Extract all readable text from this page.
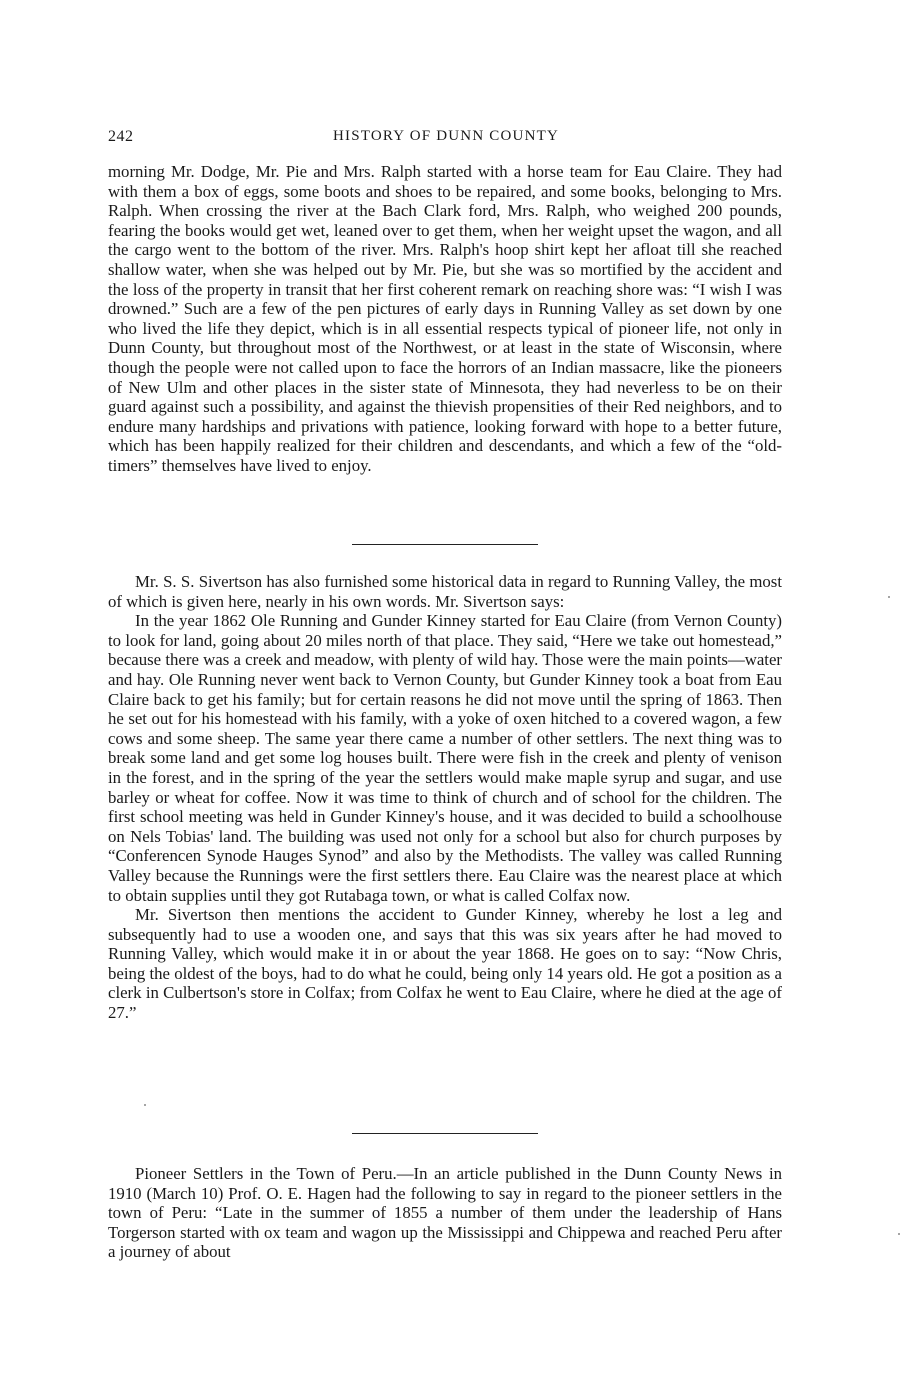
242	HISTORY OF DUNN COUNTY

morning Mr. Dodge, Mr. Pie and Mrs. Ralph started with a horse team for Eau Claire. They had with them a box of eggs, some boots and shoes to be repaired, and some books, belonging to Mrs. Ralph. When crossing the river at the Bach Clark ford, Mrs. Ralph, who weighed 200 pounds, fearing the books would get wet, leaned over to get them, when her weight upset the wagon, and all the cargo went to the bottom of the river. Mrs. Ralph's hoop shirt kept her afloat till she reached shallow water, when she was helped out by Mr. Pie, but she was so mortified by the accident and the loss of the property in transit that her first coherent remark on reaching shore was: “I wish I was drowned.” Such are a few of the pen pictures of early days in Running Valley as set down by one who lived the life they depict, which is in all essential respects typical of pioneer life, not only in Dunn County, but throughout most of the Northwest, or at least in the state of Wisconsin, where though the people were not called upon to face the horrors of an Indian massacre, like the pioneers of New Ulm and other places in the sister state of Minnesota, they had neverless to be on their guard against such a possibility, and against the thievish propensities of their Red neighbors, and to endure many hardships and privations with patience, looking forward with hope to a better future, which has been happily realized for their children and descendants, and which a few of the “old-timers” themselves have lived to enjoy.

Mr. S. S. Sivertson has also furnished some historical data in regard to Running Valley, the most of which is given here, nearly in his own words. Mr. Sivertson says:

In the year 1862 Ole Running and Gunder Kinney started for Eau Claire (from Vernon County) to look for land, going about 20 miles north of that place. They said, “Here we take out homestead,” because there was a creek and meadow, with plenty of wild hay. Those were the main points—water and hay. Ole Running never went back to Vernon County, but Gunder Kinney took a boat from Eau Claire back to get his family; but for certain reasons he did not move until the spring of 1863. Then he set out for his homestead with his family, with a yoke of oxen hitched to a covered wagon, a few cows and some sheep. The same year there came a number of other settlers. The next thing was to break some land and get some log houses built. There were fish in the creek and plenty of venison in the forest, and in the spring of the year the settlers would make maple syrup and sugar, and use barley or wheat for coffee. Now it was time to think of church and of school for the children. The first school meeting was held in Gunder Kinney's house, and it was decided to build a schoolhouse on Nels Tobias' land. The building was used not only for a school but also for church purposes by “Conferencen Synode Hauges Synod” and also by the Methodists. The valley was called Running Valley because the Runnings were the first settlers there. Eau Claire was the nearest place at which to obtain supplies until they got Rutabaga town, or what is called Colfax now.

Mr. Sivertson then mentions the accident to Gunder Kinney, whereby he lost a leg and subsequently had to use a wooden one, and says that this was six years after he had moved to Running Valley, which would make it in or about the year 1868. He goes on to say: “Now Chris, being the oldest of the boys, had to do what he could, being only 14 years old. He got a position as a clerk in Culbertson's store in Colfax; from Colfax he went to Eau Claire, where he died at the age of 27.”

Pioneer Settlers in the Town of Peru.—In an article published in the Dunn County News in 1910 (March 10) Prof. O. E. Hagen had the following to say in regard to the pioneer settlers in the town of Peru: “Late in the summer of 1855 a number of them under the leadership of Hans Torgerson started with ox team and wagon up the Mississippi and Chippewa and reached Peru after a journey of about
